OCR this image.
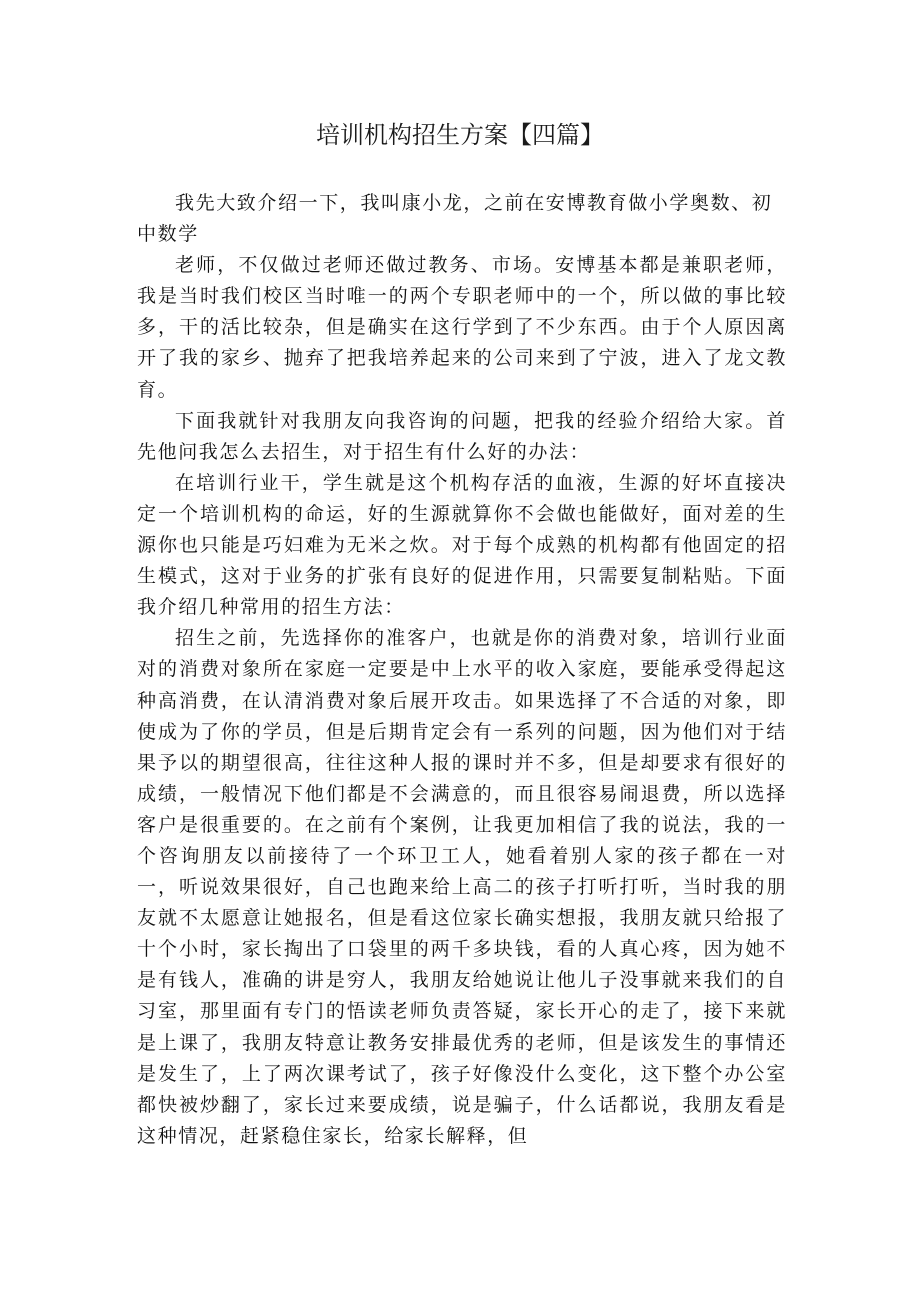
培训机构招生方案【四篇】

我先大致介绍一下，我叫康小龙，之前在安博教育做小学奥数、初中数学

老师，不仅做过老师还做过教务、市场。安博基本都是兼职老师，我是当时我们校区当时唯一的两个专职老师中的一个，所以做的事比较多，干的活比较杂，但是确实在这行学到了不少东西。由于个人原因离开了我的家乡、抛弃了把我培养起来的公司来到了宁波，进入了龙文教育。

下面我就针对我朋友向我咨询的问题，把我的经验介绍给大家。首先他问我怎么去招生，对于招生有什么好的办法：

在培训行业干，学生就是这个机构存活的血液，生源的好坏直接决定一个培训机构的命运，好的生源就算你不会做也能做好，面对差的生源你也只能是巧妇难为无米之炊。对于每个成熟的机构都有他固定的招生模式，这对于业务的扩张有良好的促进作用，只需要复制粘贴。下面我介绍几种常用的招生方法：

招生之前，先选择你的准客户，也就是你的消费对象，培训行业面对的消费对象所在家庭一定要是中上水平的收入家庭，要能承受得起这种高消费，在认清消费对象后展开攻击。如果选择了不合适的对象，即使成为了你的学员，但是后期肯定会有一系列的问题，因为他们对于结果予以的期望很高，往往这种人报的课时并不多，但是却要求有很好的成绩，一般情况下他们都是不会满意的，而且很容易闹退费，所以选择客户是很重要的。在之前有个案例，让我更加相信了我的说法，我的一个咨询朋友以前接待了一个环卫工人，她看着别人家的孩子都在一对一，听说效果很好，自己也跑来给上高二的孩子打听打听，当时我的朋友就不太愿意让她报名，但是看这位家长确实想报，我朋友就只给报了十个小时，家长掏出了口袋里的两千多块钱，看的人真心疼，因为她不是有钱人，准确的讲是穷人，我朋友给她说让他儿子没事就来我们的自习室，那里面有专门的悟读老师负责答疑，家长开心的走了，接下来就是上课了，我朋友特意让教务安排最优秀的老师，但是该发生的事情还是发生了，上了两次课考试了，孩子好像没什么变化，这下整个办公室都快被炒翻了，家长过来要成绩，说是骗子，什么话都说，我朋友看是这种情况，赶紧稳住家长，给家长解释，但
